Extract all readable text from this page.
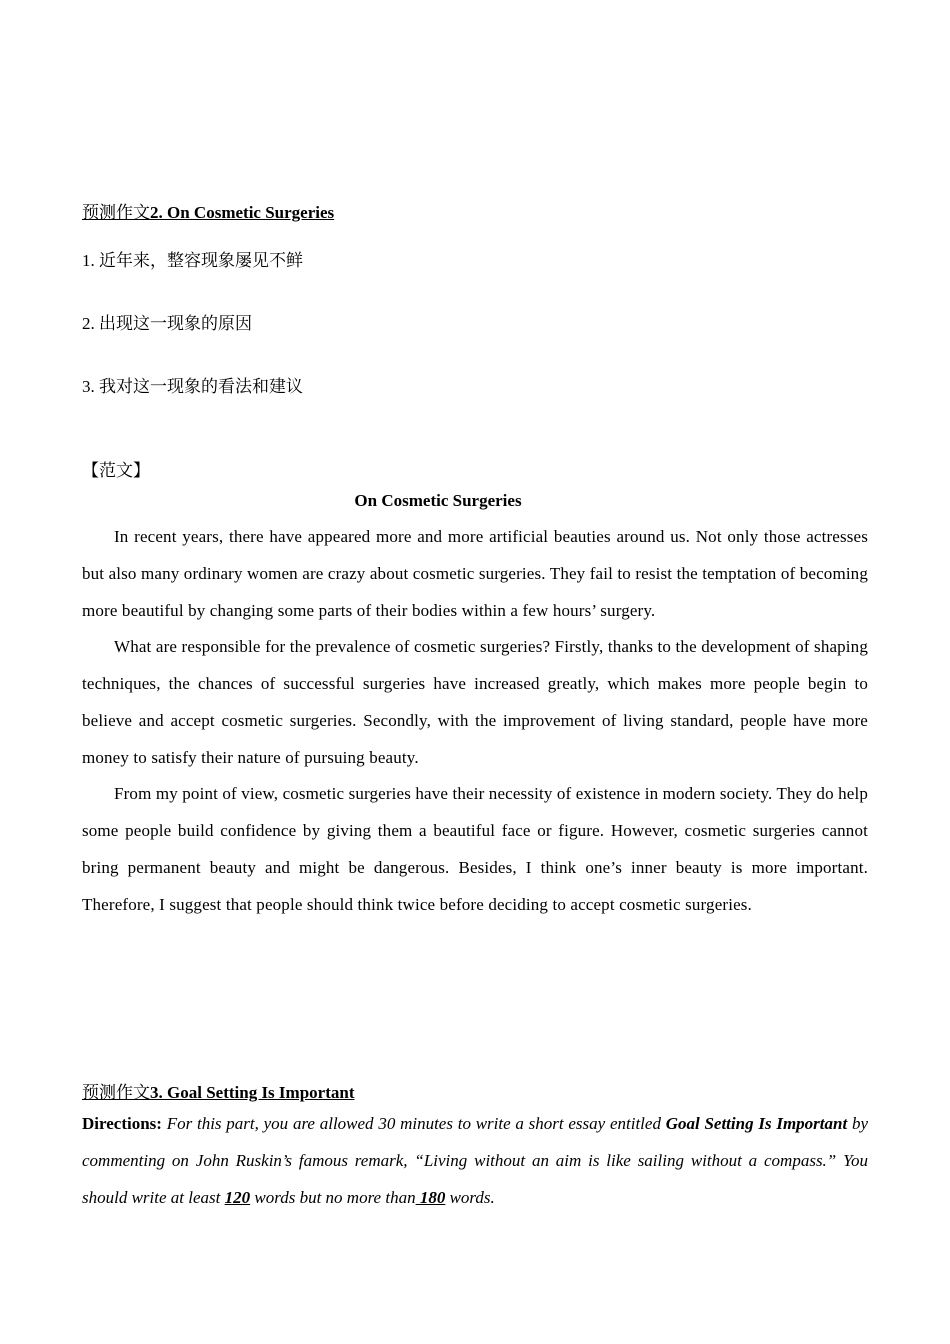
预测作文2. On Cosmetic Surgeries
1. 近年来，整容现象屡见不鲜
2. 出现这一现象的原因
3. 我对这一现象的看法和建议
【范文】
On Cosmetic Surgeries

In recent years, there have appeared more and more artificial beauties around us. Not only those actresses but also many ordinary women are crazy about cosmetic surgeries. They fail to resist the temptation of becoming more beautiful by changing some parts of their bodies within a few hours’ surgery.

What are responsible for the prevalence of cosmetic surgeries? Firstly, thanks to the development of shaping techniques, the chances of successful surgeries have increased greatly, which makes more people begin to believe and accept cosmetic surgeries. Secondly, with the improvement of living standard, people have more money to satisfy their nature of pursuing beauty.

From my point of view, cosmetic surgeries have their necessity of existence in modern society. They do help some people build confidence by giving them a beautiful face or figure. However, cosmetic surgeries cannot bring permanent beauty and might be dangerous. Besides, I think one’s inner beauty is more important. Therefore, I suggest that people should think twice before deciding to accept cosmetic surgeries.

预测作文3. Goal Setting Is Important
Directions: For this part, you are allowed 30 minutes to write a short essay entitled Goal Setting Is Important by commenting on John Ruskin’s famous remark, “Living without an aim is like sailing without a compass.” You should write at least 120 words but no more than 180 words.
